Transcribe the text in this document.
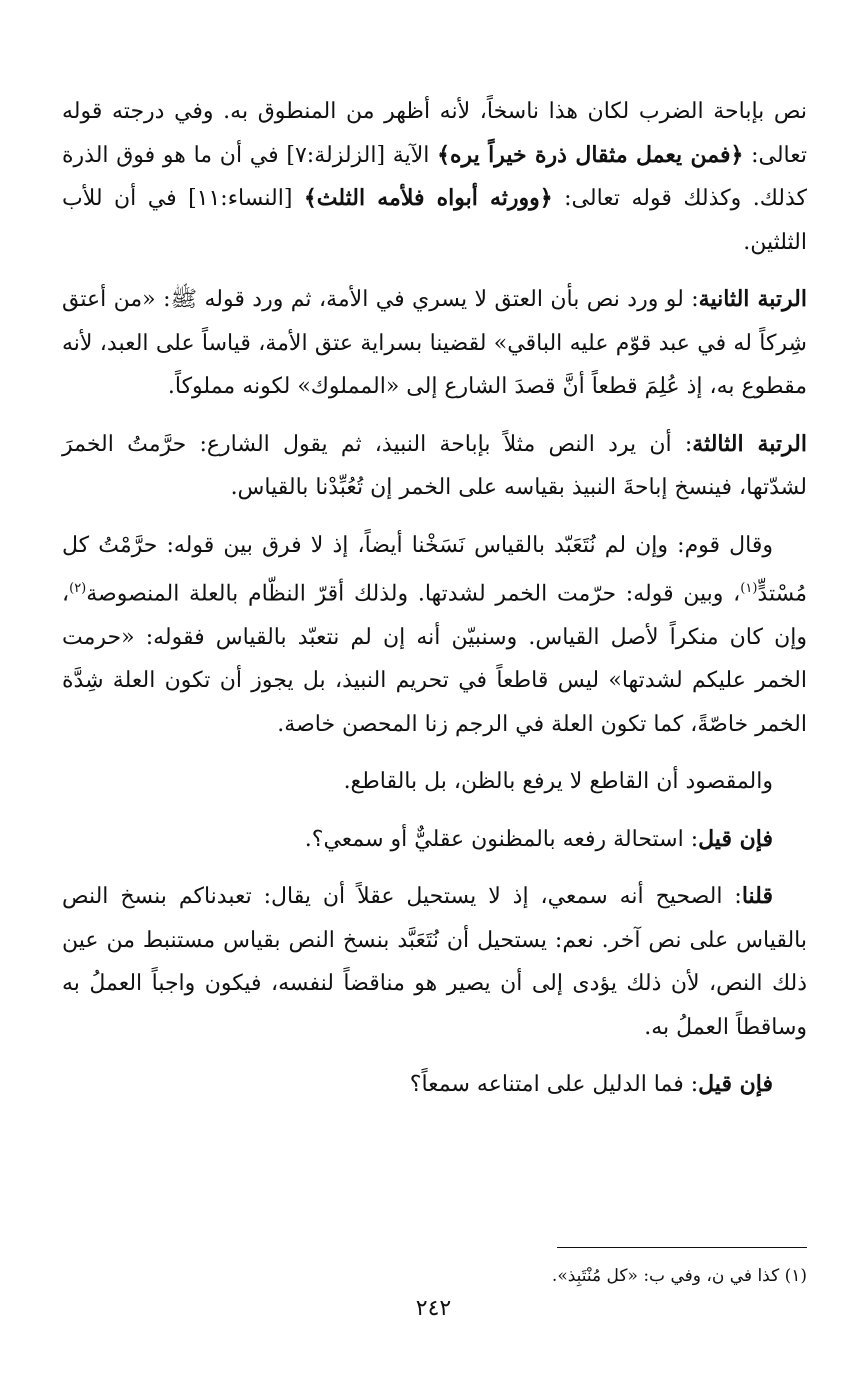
نص بإباحة الضرب لكان هذا ناسخاً، لأنه أظهر من المنطوق به. وفي درجته قوله تعالى: ﴿فمن يعمل مثقال ذرة خيراً يره﴾ الآية [الزلزلة:٧] في أن ما هو فوق الذرة كذلك. وكذلك قوله تعالى: ﴿وورثه أبواه فلأمه الثلث﴾ [النساء:١١] في أن للأب الثلثين.

الرتبة الثانية: لو ورد نص بأن العتق لا يسري في الأمة، ثم ورد قوله ﷺ: «من أعتق شِركاً له في عبد قوّم عليه الباقي» لقضينا بسراية عتق الأمة، قياساً على العبد، لأنه مقطوع به، إذ عُلِمَ قطعاً أنَّ قصدَ الشارع إلى «المملوك» لكونه مملوكاً.

الرتبة الثالثة: أن يرد النص مثلاً بإباحة النبيذ، ثم يقول الشارع: حرَّمتُ الخمرَ لشدّتها، فينسخ إباحةَ النبيذ بقياسه على الخمر إن تُعُبِّدْنا بالقياس.

وقال قوم: وإن لم نُتَعَبّد بالقياس نَسَخْنا أيضاً، إذ لا فرق بين قوله: حرَّمْتُ كل مُسْتدٍّ$^{(١)}$، وبين قوله: حرّمت الخمر لشدتها. ولذلك أقرّ النظّام بالعلة المنصوصة$^{(٢)}$، وإن كان منكراً لأصل القياس. وسنبيّن أنه إن لم نتعبّد بالقياس فقوله: «حرمت الخمر عليكم لشدتها» ليس قاطعاً في تحريم النبيذ، بل يجوز أن تكون العلة شِدَّة الخمر خاصّةً، كما تكون العلة في الرجم زنا المحصن خاصة.

والمقصود أن القاطع لا يرفع بالظن، بل بالقاطع.

فإن قيل: استحالة رفعه بالمظنون عقليٌّ أو سمعي؟.

قلنا: الصحيح أنه سمعي، إذ لا يستحيل عقلاً أن يقال: تعبدناكم بنسخ النص بالقياس على نص آخر. نعم: يستحيل أن نُتَعَبَّد بنسخ النص بقياس مستنبط من عين ذلك النص، لأن ذلك يؤدى إلى أن يصير هو مناقضاً لنفسه، فيكون واجباً العملُ به وساقطاً العملُ به.

فإن قيل: فما الدليل على امتناعه سمعاً؟

(١) كذا في ن، وفي ب: «كل مُنْتَبِذ».

٢٤٢
